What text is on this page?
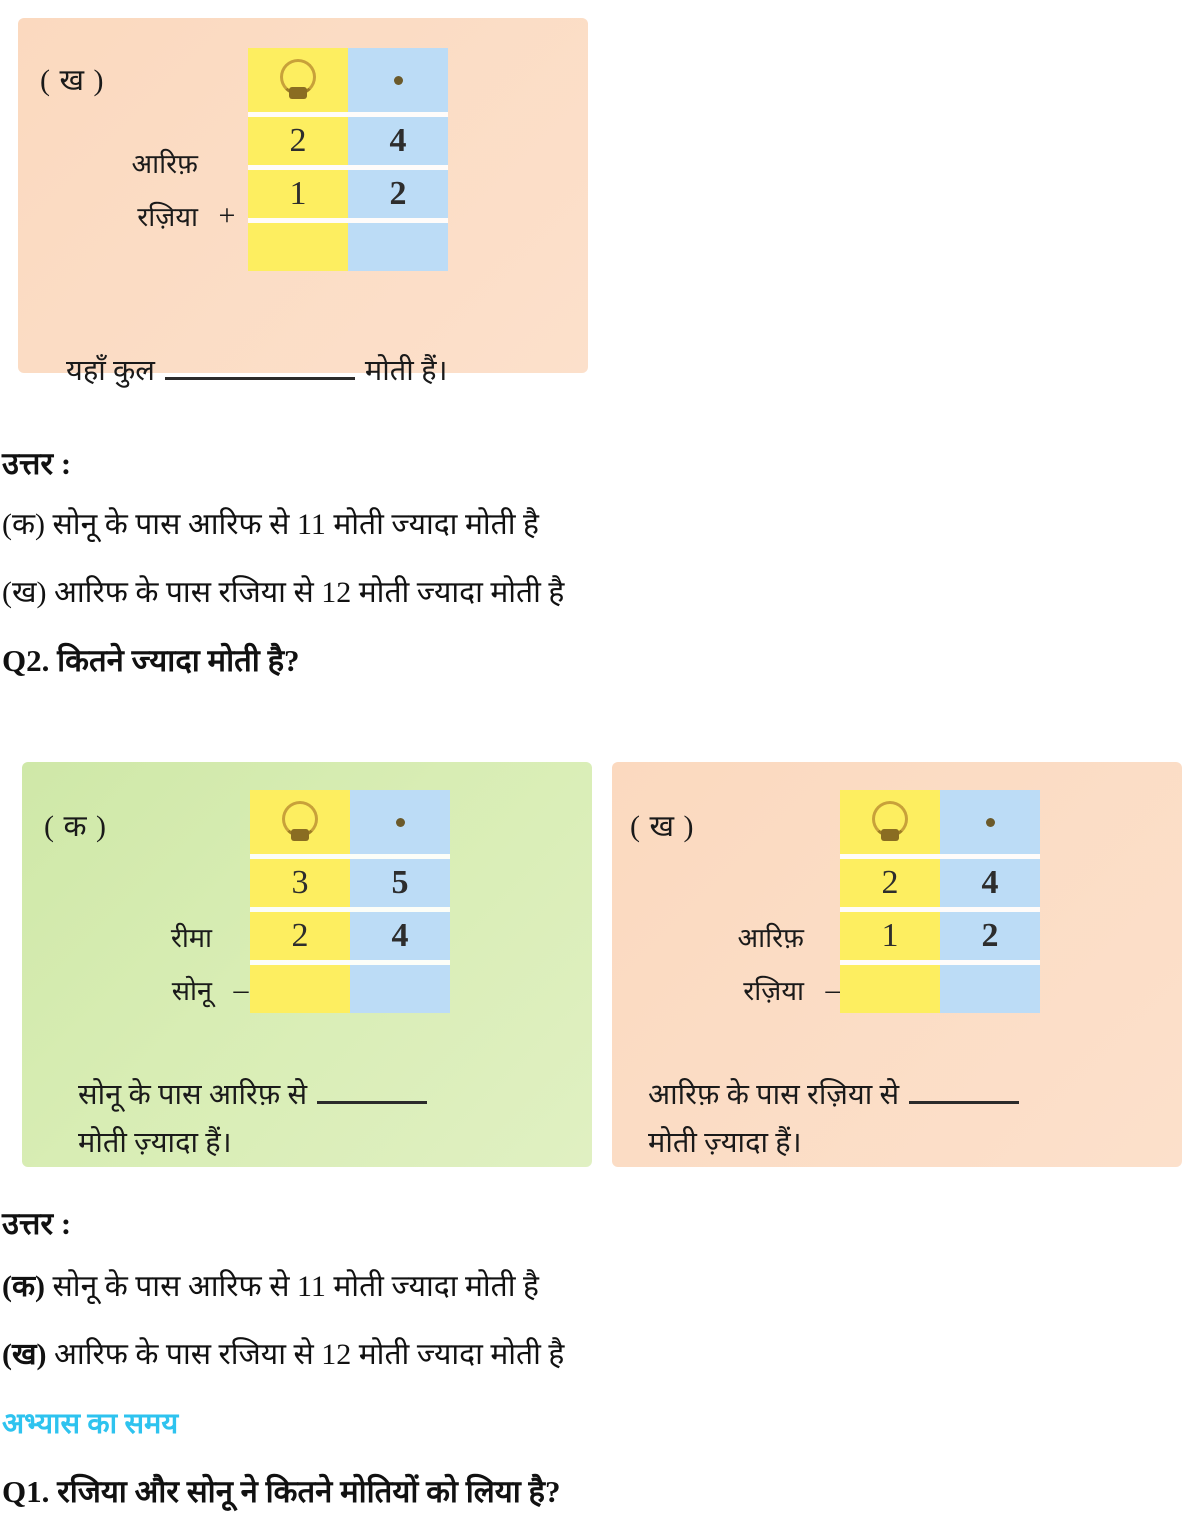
( ख )
आरिफ़
रज़िया +
2	4
1	2
यहाँ कुल	मोती हैं।
उत्तर :
(क) सोनू के पास आरिफ से 11 मोती ज्यादा मोती है
(ख) आरिफ के पास रजिया से 12 मोती ज्यादा मोती है
Q2. कितने ज्यादा मोती है?
( क )
रीमा
सोनू –
3	5
2	4
सोनू के पास आरिफ़ से
मोती ज़्यादा हैं।
( ख )
आरिफ़
रज़िया –
2	4
1	2
आरिफ़ के पास रज़िया से
मोती ज़्यादा हैं।
उत्तर :
(क) सोनू के पास आरिफ से 11 मोती ज्यादा मोती है
(ख) आरिफ के पास रजिया से 12 मोती ज्यादा मोती है
अभ्यास का समय
Q1. रजिया और सोनू ने कितने मोतियों को लिया है?
